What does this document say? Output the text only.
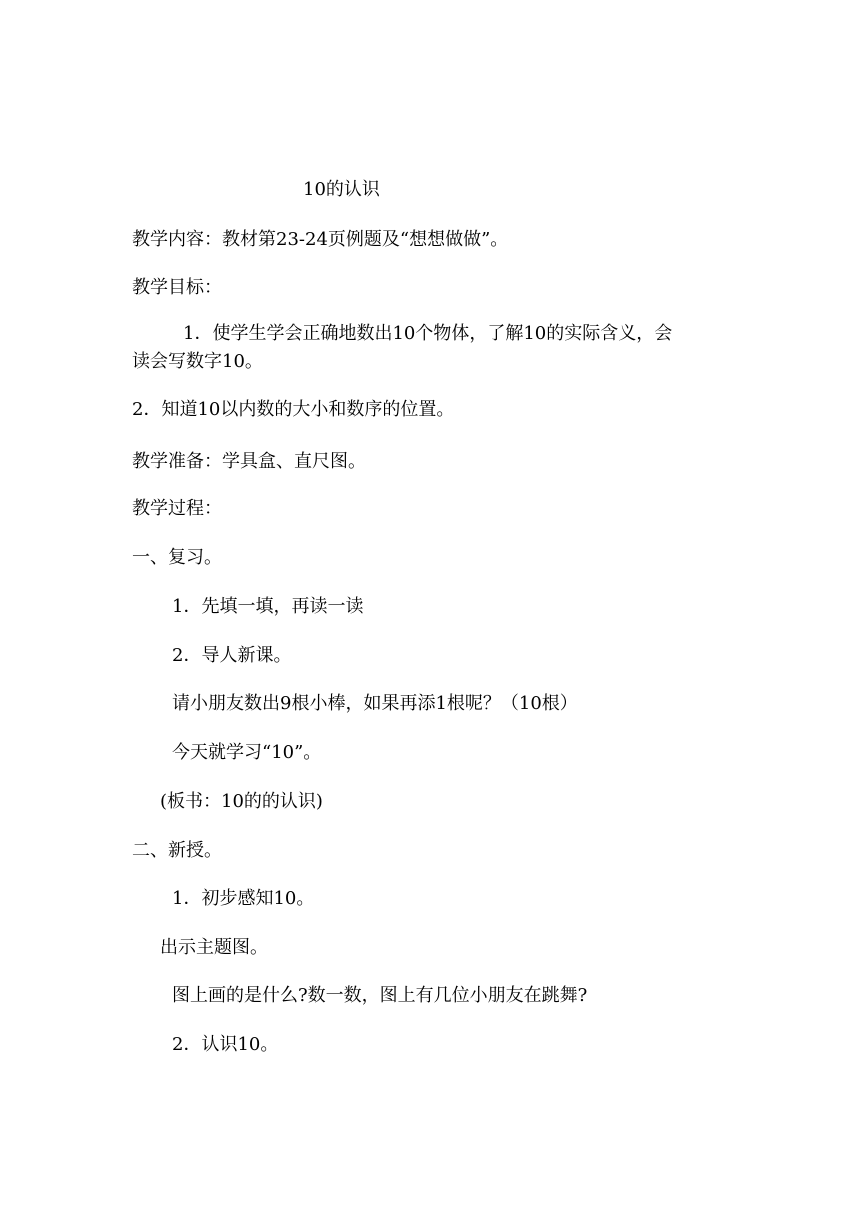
10的认识
教学内容：教材第23-24页例题及“想想做做”。
教学目标：
1．使学生学会正确地数出10个物体，了解10的实际含义，会
读会写数字10。
2．知道10以内数的大小和数序的位置。
教学准备：学具盒、直尺图。
教学过程：
一、复习。
1．先填一填，再读一读
2．导人新课。
请小朋友数出9根小棒，如果再添1根呢？（10根）
今天就学习“10”。
(板书：10的的认识)
二、新授。
1．初步感知10。
出示主题图。
图上画的是什么?数一数，图上有几位小朋友在跳舞?
2．认识10。
